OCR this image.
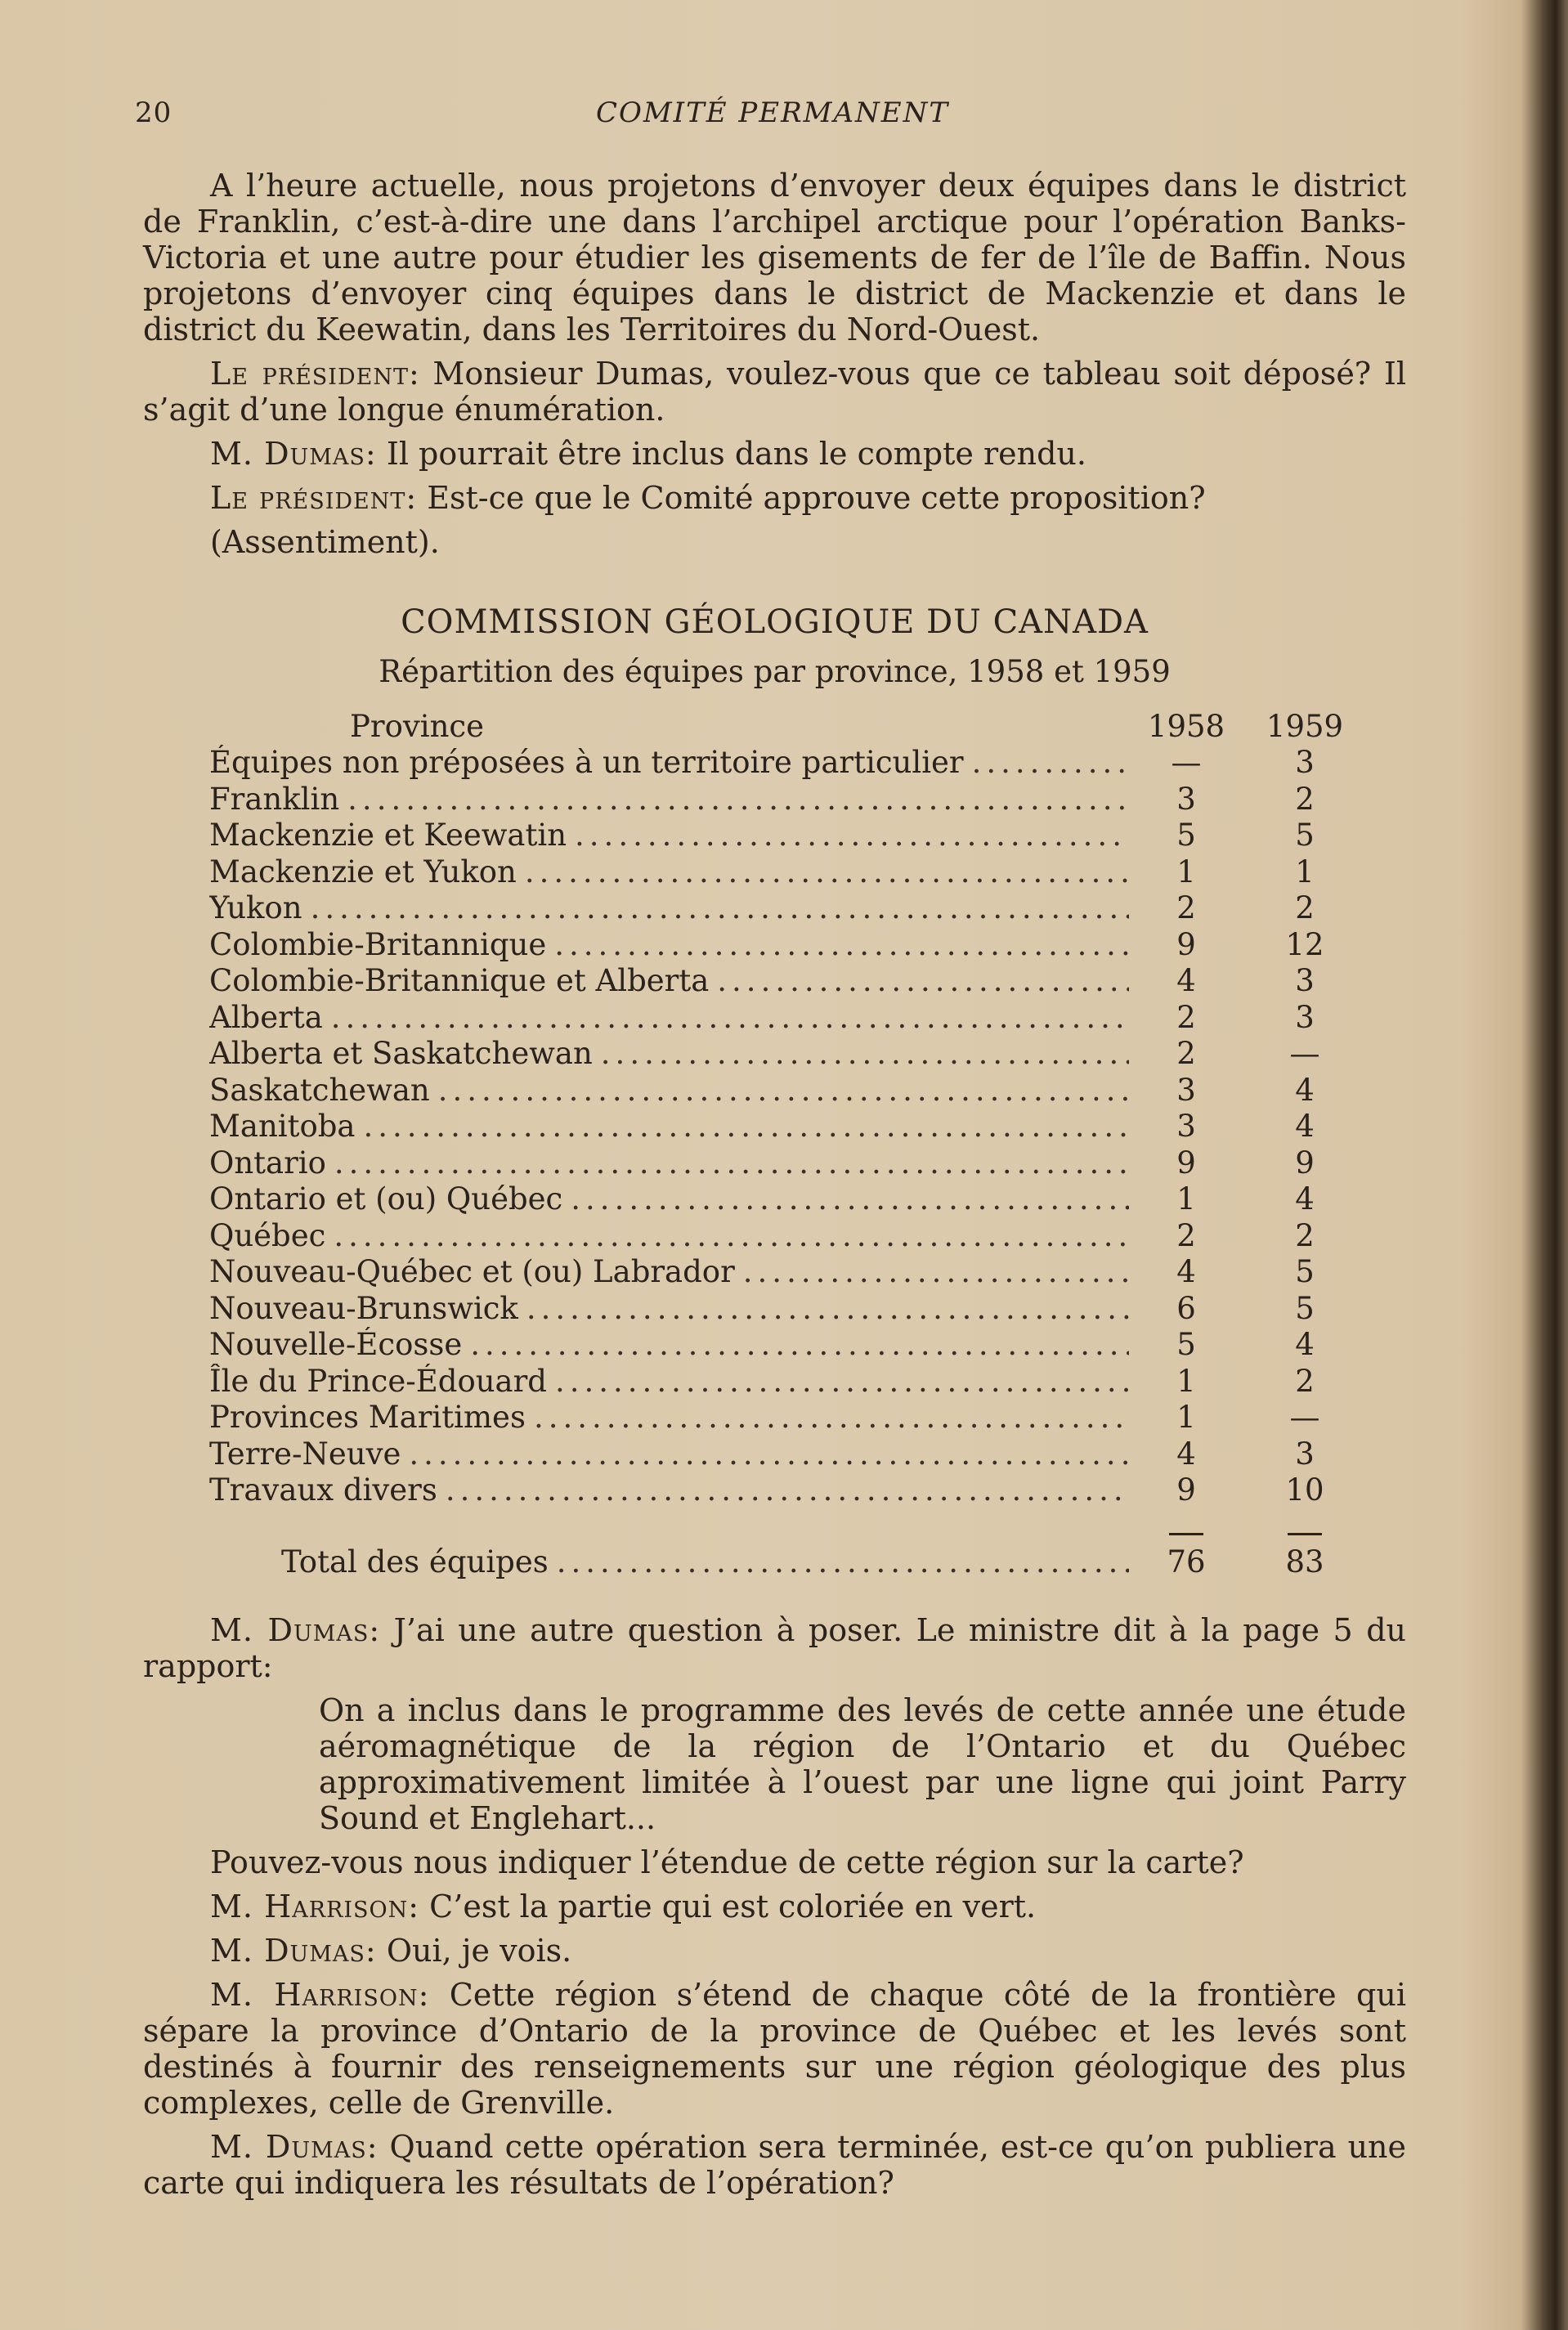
20	COMITÉ PERMANENT

A l’heure actuelle, nous projetons d’envoyer deux équipes dans le district de Franklin, c’est-à-dire une dans l’archipel arctique pour l’opération Banks-Victoria et une autre pour étudier les gisements de fer de l’île de Baffin. Nous projetons d’envoyer cinq équipes dans le district de Mackenzie et dans le district du Keewatin, dans les Territoires du Nord-Ouest.

Le président: Monsieur Dumas, voulez-vous que ce tableau soit déposé? Il s’agit d’une longue énumération.

M. Dumas: Il pourrait être inclus dans le compte rendu.

Le président: Est-ce que le Comité approuve cette proposition?

(Assentiment).

COMMISSION GÉOLOGIQUE DU CANADA
Répartition des équipes par province, 1958 et 1959
Province	1958	1959
Équipes non préposées à un territoire particulier .....	—	3
Franklin .....	3	2
Mackenzie et Keewatin .....	5	5
Mackenzie et Yukon .....	1	1
Yukon .....	2	2
Colombie-Britannique .....	9	12
Colombie-Britannique et Alberta .....	4	3
Alberta .....	2	3
Alberta et Saskatchewan .....	2	—
Saskatchewan .....	3	4
Manitoba .....	3	4
Ontario .....	9	9
Ontario et (ou) Québec .....	1	4
Québec .....	2	2
Nouveau-Québec et (ou) Labrador .....	4	5
Nouveau-Brunswick .....	6	5
Nouvelle-Écosse .....	5	4
Île du Prince-Édouard .....	1	2
Provinces Maritimes .....	1	—
Terre-Neuve .....	4	3
Travaux divers .....	9	10
Total des équipes .....	76	83

M. Dumas: J’ai une autre question à poser. Le ministre dit à la page 5 du rapport:

On a inclus dans le programme des levés de cette année une étude aéromagnétique de la région de l’Ontario et du Québec approximativement limitée à l’ouest par une ligne qui joint Parry Sound et Englehart...

Pouvez-vous nous indiquer l’étendue de cette région sur la carte?

M. Harrison: C’est la partie qui est coloriée en vert.

M. Dumas: Oui, je vois.

M. Harrison: Cette région s’étend de chaque côté de la frontière qui sépare la province d’Ontario de la province de Québec et les levés sont destinés à fournir des renseignements sur une région géologique des plus complexes, celle de Grenville.

M. Dumas: Quand cette opération sera terminée, est-ce qu’on publiera une carte qui indiquera les résultats de l’opération?
